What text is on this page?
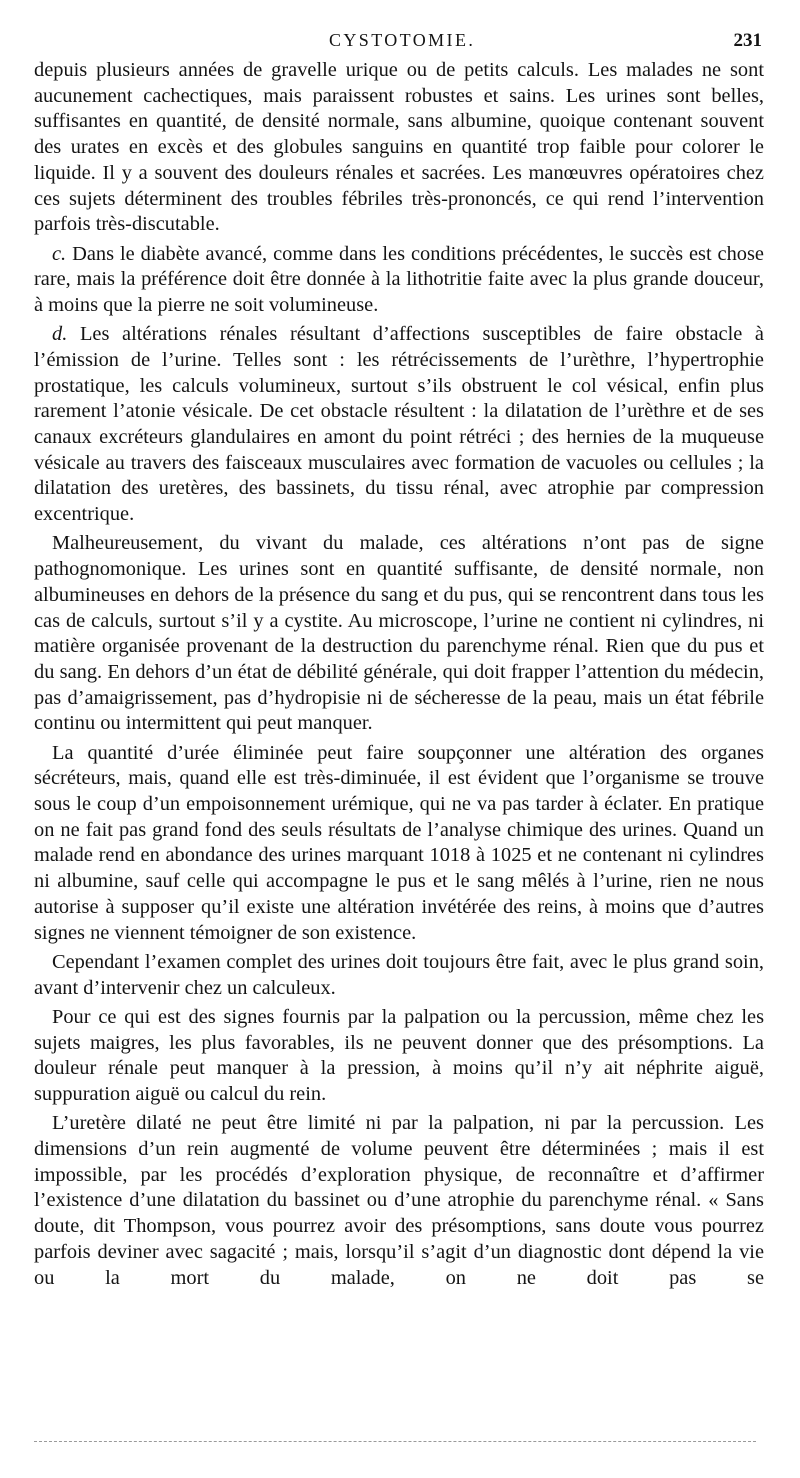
CYSTOTOMIE.	231

depuis plusieurs années de gravelle urique ou de petits calculs. Les malades ne sont aucunement cachectiques, mais paraissent robustes et sains. Les urines sont belles, suffisantes en quantité, de densité normale, sans albumine, quoique contenant souvent des urates en excès et des globules sanguins en quantité trop faible pour colorer le liquide. Il y a souvent des douleurs rénales et sacrées. Les manœuvres opératoires chez ces sujets déterminent des troubles fébriles très-prononcés, ce qui rend l’intervention parfois très-discutable.

c. Dans le diabète avancé, comme dans les conditions précédentes, le succès est chose rare, mais la préférence doit être donnée à la lithotritie faite avec la plus grande douceur, à moins que la pierre ne soit volumineuse.

d. Les altérations rénales résultant d’affections susceptibles de faire obstacle à l’émission de l’urine. Telles sont : les rétrécissements de l’urèthre, l’hypertrophie prostatique, les calculs volumineux, surtout s’ils obstruent le col vésical, enfin plus rarement l’atonie vésicale. De cet obstacle résultent : la dilatation de l’urèthre et de ses canaux excréteurs glandulaires en amont du point rétréci ; des hernies de la muqueuse vésicale au travers des faisceaux musculaires avec formation de vacuoles ou cellules ; la dilatation des uretères, des bassinets, du tissu rénal, avec atrophie par compression excentrique.

Malheureusement, du vivant du malade, ces altérations n’ont pas de signe pathognomonique. Les urines sont en quantité suffisante, de densité normale, non albumineuses en dehors de la présence du sang et du pus, qui se rencontrent dans tous les cas de calculs, surtout s’il y a cystite. Au microscope, l’urine ne contient ni cylindres, ni matière organisée provenant de la destruction du parenchyme rénal. Rien que du pus et du sang. En dehors d’un état de débilité générale, qui doit frapper l’attention du médecin, pas d’amaigrissement, pas d’hydropisie ni de sécheresse de la peau, mais un état fébrile continu ou intermittent qui peut manquer.

La quantité d’urée éliminée peut faire soupçonner une altération des organes sécréteurs, mais, quand elle est très-diminuée, il est évident que l’organisme se trouve sous le coup d’un empoisonnement urémique, qui ne va pas tarder à éclater. En pratique on ne fait pas grand fond des seuls résultats de l’analyse chimique des urines. Quand un malade rend en abondance des urines marquant 1018 à 1025 et ne contenant ni cylindres ni albumine, sauf celle qui accompagne le pus et le sang mêlés à l’urine, rien ne nous autorise à supposer qu’il existe une altération invétérée des reins, à moins que d’autres signes ne viennent témoigner de son existence.

Cependant l’examen complet des urines doit toujours être fait, avec le plus grand soin, avant d’intervenir chez un calculeux.

Pour ce qui est des signes fournis par la palpation ou la percussion, même chez les sujets maigres, les plus favorables, ils ne peuvent donner que des présomptions. La douleur rénale peut manquer à la pression, à moins qu’il n’y ait néphrite aiguë, suppuration aiguë ou calcul du rein.

L’uretère dilaté ne peut être limité ni par la palpation, ni par la percussion. Les dimensions d’un rein augmenté de volume peuvent être déterminées ; mais il est impossible, par les procédés d’exploration physique, de reconnaître et d’affirmer l’existence d’une dilatation du bassinet ou d’une atrophie du parenchyme rénal. « Sans doute, dit Thompson, vous pourrez avoir des présomptions, sans doute vous pourrez parfois deviner avec sagacité ; mais, lorsqu’il s’agit d’un diagnostic dont dépend la vie ou la mort du malade, on ne doit pas se
